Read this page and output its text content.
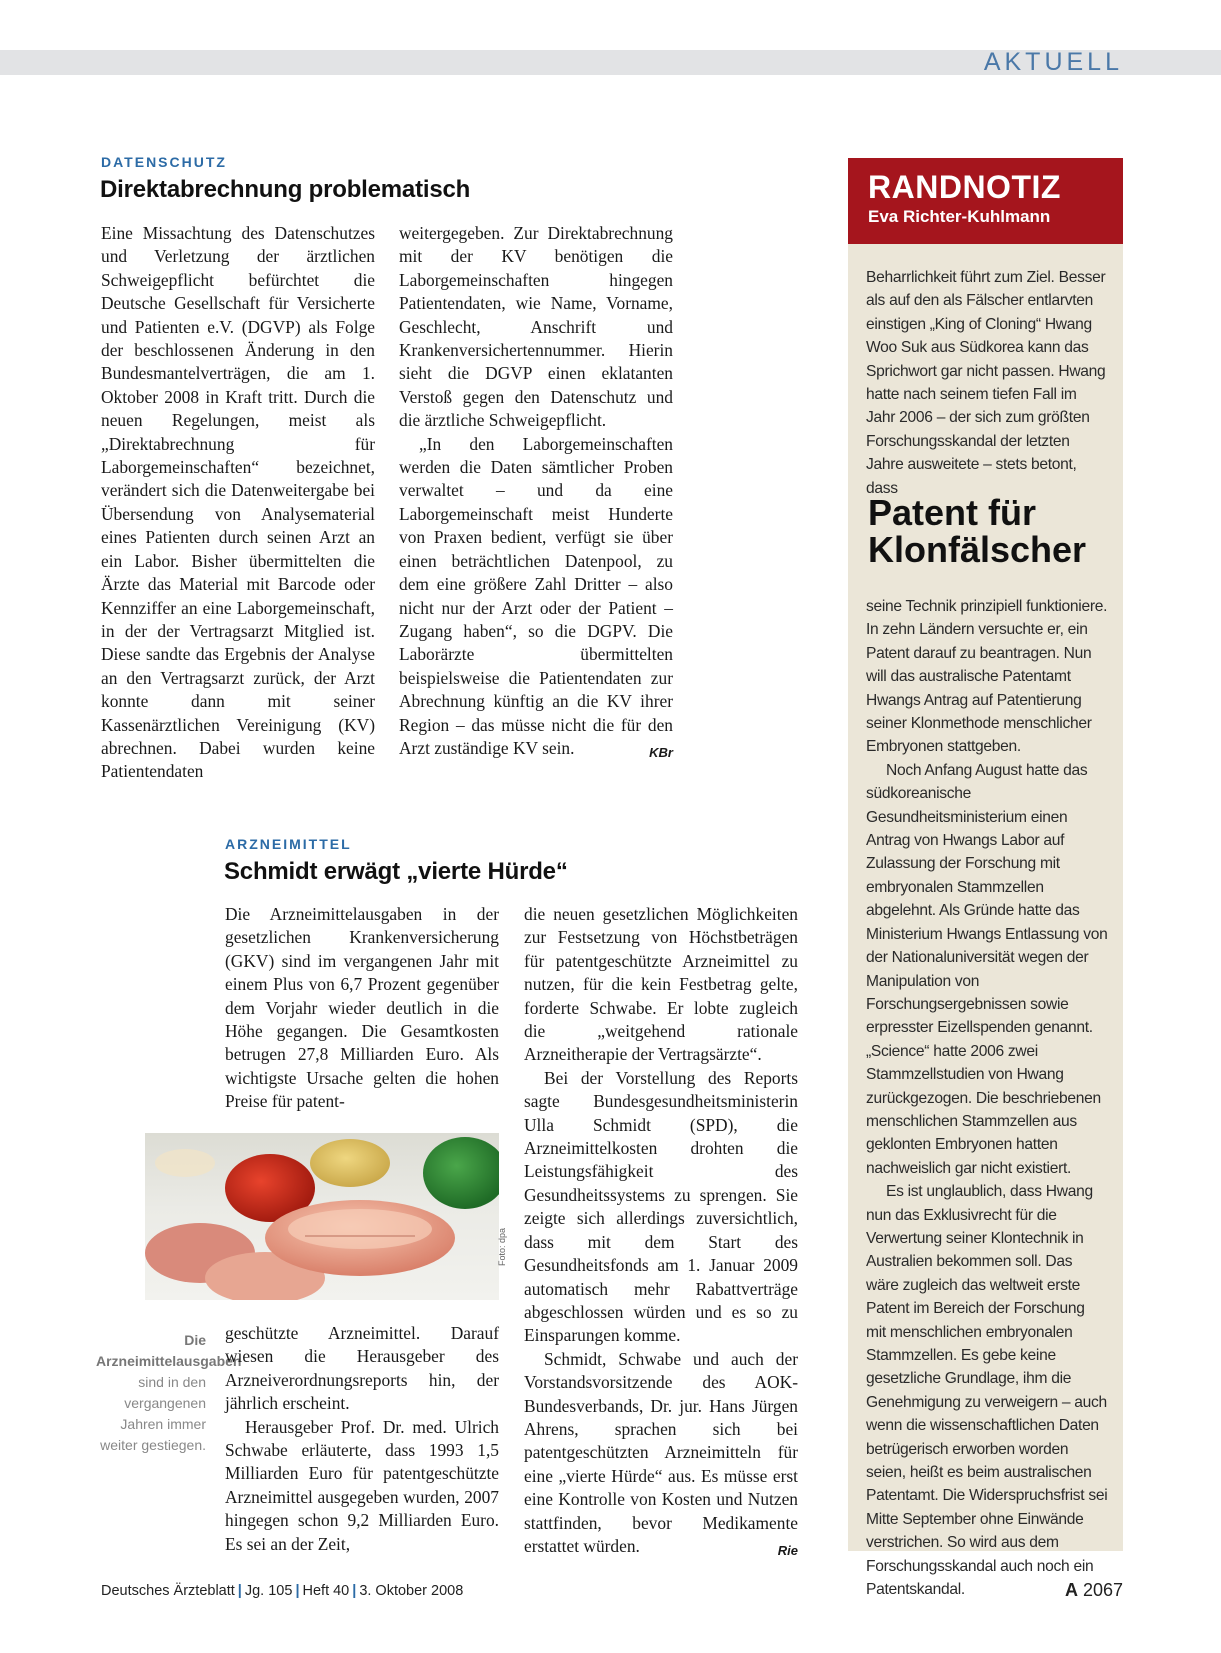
AKTUELL
DATENSCHUTZ
Direktabrechnung problematisch

Eine Missachtung des Datenschutzes und Verletzung der ärztlichen Schweigepflicht befürchtet die Deutsche Gesellschaft für Versicherte und Patienten e.V. (DGVP) als Folge der beschlossenen Änderung in den Bundesmantelverträgen, die am 1. Oktober 2008 in Kraft tritt. Durch die neuen Regelungen, meist als „Direktabrechnung für Laborgemeinschaften“ bezeichnet, verändert sich die Datenweitergabe bei Übersendung von Analysematerial eines Patienten durch seinen Arzt an ein Labor. Bisher übermittelten die Ärzte das Material mit Barcode oder Kennziffer an eine Laborgemeinschaft, in der der Vertragsarzt Mitglied ist. Diese sandte das Ergebnis der Analyse an den Vertragsarzt zurück, der Arzt konnte dann mit seiner Kassenärztlichen Vereinigung (KV) abrechnen. Dabei wurden keine Patientendaten

weitergegeben. Zur Direktabrechnung mit der KV benötigen die Laborgemeinschaften hingegen Patientendaten, wie Name, Vorname, Geschlecht, Anschrift und Krankenversichertennummer. Hierin sieht die DGVP einen eklatanten Verstoß gegen den Datenschutz und die ärztliche Schweigepflicht.

„In den Laborgemeinschaften werden die Daten sämtlicher Proben verwaltet – und da eine Laborgemeinschaft meist Hunderte von Praxen bedient, verfügt sie über einen beträchtlichen Datenpool, zu dem eine größere Zahl Dritter – also nicht nur der Arzt oder der Patient – Zugang haben“, so die DGPV. Die Laborärzte übermittelten beispielsweise die Patientendaten zur Abrechnung künftig an die KV ihrer Region – das müsse nicht die für den Arzt zuständige KV sein.	KBr

ARZNEIMITTEL
Schmidt erwägt „vierte Hürde“

Die Arzneimittelausgaben in der gesetzlichen Krankenversicherung (GKV) sind im vergangenen Jahr mit einem Plus von 6,7 Prozent gegenüber dem Vorjahr wieder deutlich in die Höhe gegangen. Die Gesamtkosten betrugen 27,8 Milliarden Euro. Als wichtigste Ursache gelten die hohen Preise für patent-

Foto: dpa
Die Arzneimittelausgaben
sind in den vergangenen Jahren immer weiter gestiegen.

geschützte Arzneimittel. Darauf wiesen die Herausgeber des Arzneiverordnungsreports hin, der jährlich erscheint.

Herausgeber Prof. Dr. med. Ulrich Schwabe erläuterte, dass 1993 1,5 Milliarden Euro für patentgeschützte Arzneimittel ausgegeben wurden, 2007 hingegen schon 9,2 Milliarden Euro. Es sei an der Zeit,

die neuen gesetzlichen Möglichkeiten zur Festsetzung von Höchstbeträgen für patentgeschützte Arzneimittel zu nutzen, für die kein Festbetrag gelte, forderte Schwabe. Er lobte zugleich die „weitgehend rationale Arzneitherapie der Vertragsärzte“.

Bei der Vorstellung des Reports sagte Bundesgesundheitsministerin Ulla Schmidt (SPD), die Arzneimittelkosten drohten die Leistungsfähigkeit des Gesundheitssystems zu sprengen. Sie zeigte sich allerdings zuversichtlich, dass mit dem Start des Gesundheitsfonds am 1. Januar 2009 automatisch mehr Rabattverträge abgeschlossen würden und es so zu Einsparungen komme.

Schmidt, Schwabe und auch der Vorstandsvorsitzende des AOK-Bundesverbands, Dr. jur. Hans Jürgen Ahrens, sprachen sich bei patentgeschützten Arzneimitteln für eine „vierte Hürde“ aus. Es müsse erst eine Kontrolle von Kosten und Nutzen stattfinden, bevor Medikamente erstattet würden.	Rie

RANDNOTIZ
Eva Richter-Kuhlmann

Beharrlichkeit führt zum Ziel. Besser als auf den als Fälscher entlarvten einstigen „King of Cloning“ Hwang Woo Suk aus Südkorea kann das Sprichwort gar nicht passen. Hwang hatte nach seinem tiefen Fall im Jahr 2006 – der sich zum größten Forschungsskandal der letzten Jahre ausweitete – stets betont, dass

Patent für Klonfälscher

seine Technik prinzipiell funktioniere. In zehn Ländern versuchte er, ein Patent darauf zu beantragen. Nun will das australische Patentamt Hwangs Antrag auf Patentierung seiner Klonmethode menschlicher Embryonen stattgeben.

Noch Anfang August hatte das südkoreanische Gesundheitsministerium einen Antrag von Hwangs Labor auf Zulassung der Forschung mit embryonalen Stammzellen abgelehnt. Als Gründe hatte das Ministerium Hwangs Entlassung von der Nationaluniversität wegen der Manipulation von Forschungsergebnissen sowie erpresster Eizellspenden genannt. „Science“ hatte 2006 zwei Stammzellstudien von Hwang zurückgezogen. Die beschriebenen menschlichen Stammzellen aus geklonten Embryonen hatten nachweislich gar nicht existiert.

Es ist unglaublich, dass Hwang nun das Exklusivrecht für die Verwertung seiner Klontechnik in Australien bekommen soll. Das wäre zugleich das weltweit erste Patent im Bereich der Forschung mit menschlichen embryonalen Stammzellen. Es gebe keine gesetzliche Grundlage, ihm die Genehmigung zu verweigern – auch wenn die wissenschaftlichen Daten betrügerisch erworben worden seien, heißt es beim australischen Patentamt. Die Widerspruchsfrist sei Mitte September ohne Einwände verstrichen. So wird aus dem Forschungsskandal auch noch ein Patentskandal.

Deutsches Ärzteblatt | Jg. 105 | Heft 40 | 3. Oktober 2008	A 2067
